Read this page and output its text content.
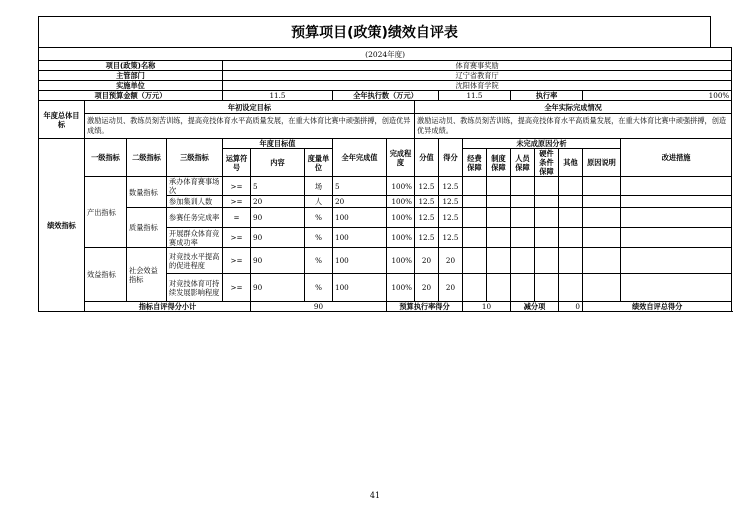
预算项目(政策)绩效自评表
(2024年度)																		
项目(政策)名称				体育赛事奖励														
主管部门				辽宁省教育厅														
实施单位				沈阳体育学院														
项目预算金额（万元）				11.5			全年执行数（万元）			11.5			执行率			100%		
年度总体目标	年初设定目标								全年实际完成情况									
	激励运动员、教练员刻苦训练，提高竞技体育水平高质量发展，在重大体育比赛中顽强拼搏，创造优异成绩。								激励运动员、教练员刻苦训练，提高竞技体育水平高质量发展，在重大体育比赛中顽强拼搏，创造优异成绩。									
绩效指标	一级指标	二级指标	三级指标	年度目标值			全年完成值	完成程度	分值	得分	未完成原因分析						改进措施	
				运算符号	内容	度量单位					经费保障	制度保障	人员保障	硬件条件保障	其他	原因说明		
	产出指标	数量指标	承办体育赛事场次	>=	5	场	5	100%	12.5	12.5								
			参加集训人数	>=	20	人	20	100%	12.5	12.5								
		质量指标	参赛任务完成率	=	90	%	100	100%	12.5	12.5								
			开展群众体育竞赛成功率	>=	90	%	100	100%	12.5	12.5								
	效益指标	社会效益指标	对竞技水平提高的促进程度	>=	90	%	100	100%	20	20								
			对竞技体育可持续发展影响程度	>=	90	%	100	100%	20	20								
	指标自评得分小计				90			预算执行率得分			10		减分项		0	绩效自评总得分	
41
